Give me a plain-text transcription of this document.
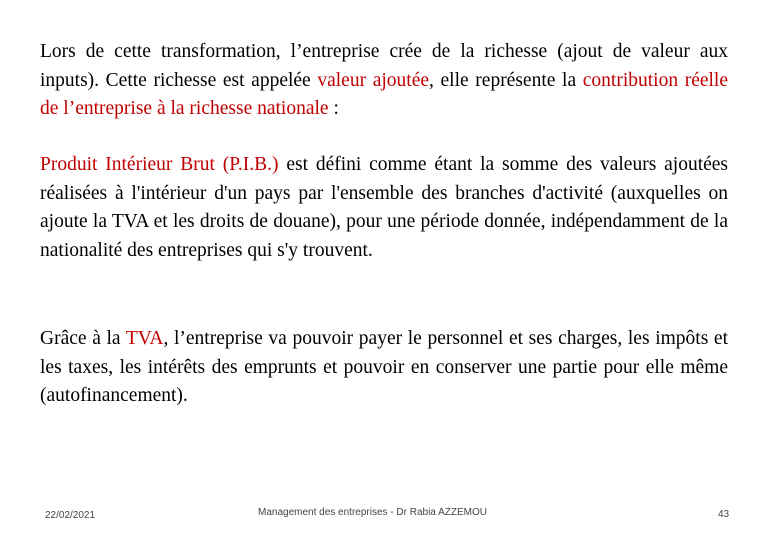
Lors de cette transformation, l’entreprise crée de la richesse (ajout de valeur aux inputs). Cette richesse est appelée valeur ajoutée, elle représente la contribution réelle de l’entreprise à la richesse nationale :

Produit Intérieur Brut (P.I.B.) est défini comme étant la somme des valeurs ajoutées réalisées à l'intérieur d'un pays par l'ensemble des branches d'activité (auxquelles on ajoute la TVA et les droits de douane), pour une période donnée, indépendamment de la nationalité des entreprises qui s'y trouvent.

Grâce à la TVA, l’entreprise va pouvoir payer le personnel et ses charges, les impôts et les taxes, les intérêts des emprunts et pouvoir en conserver une partie pour elle même (autofinancement).

22/02/2021	Management des entreprises - Dr Rabia AZZEMOU	43
